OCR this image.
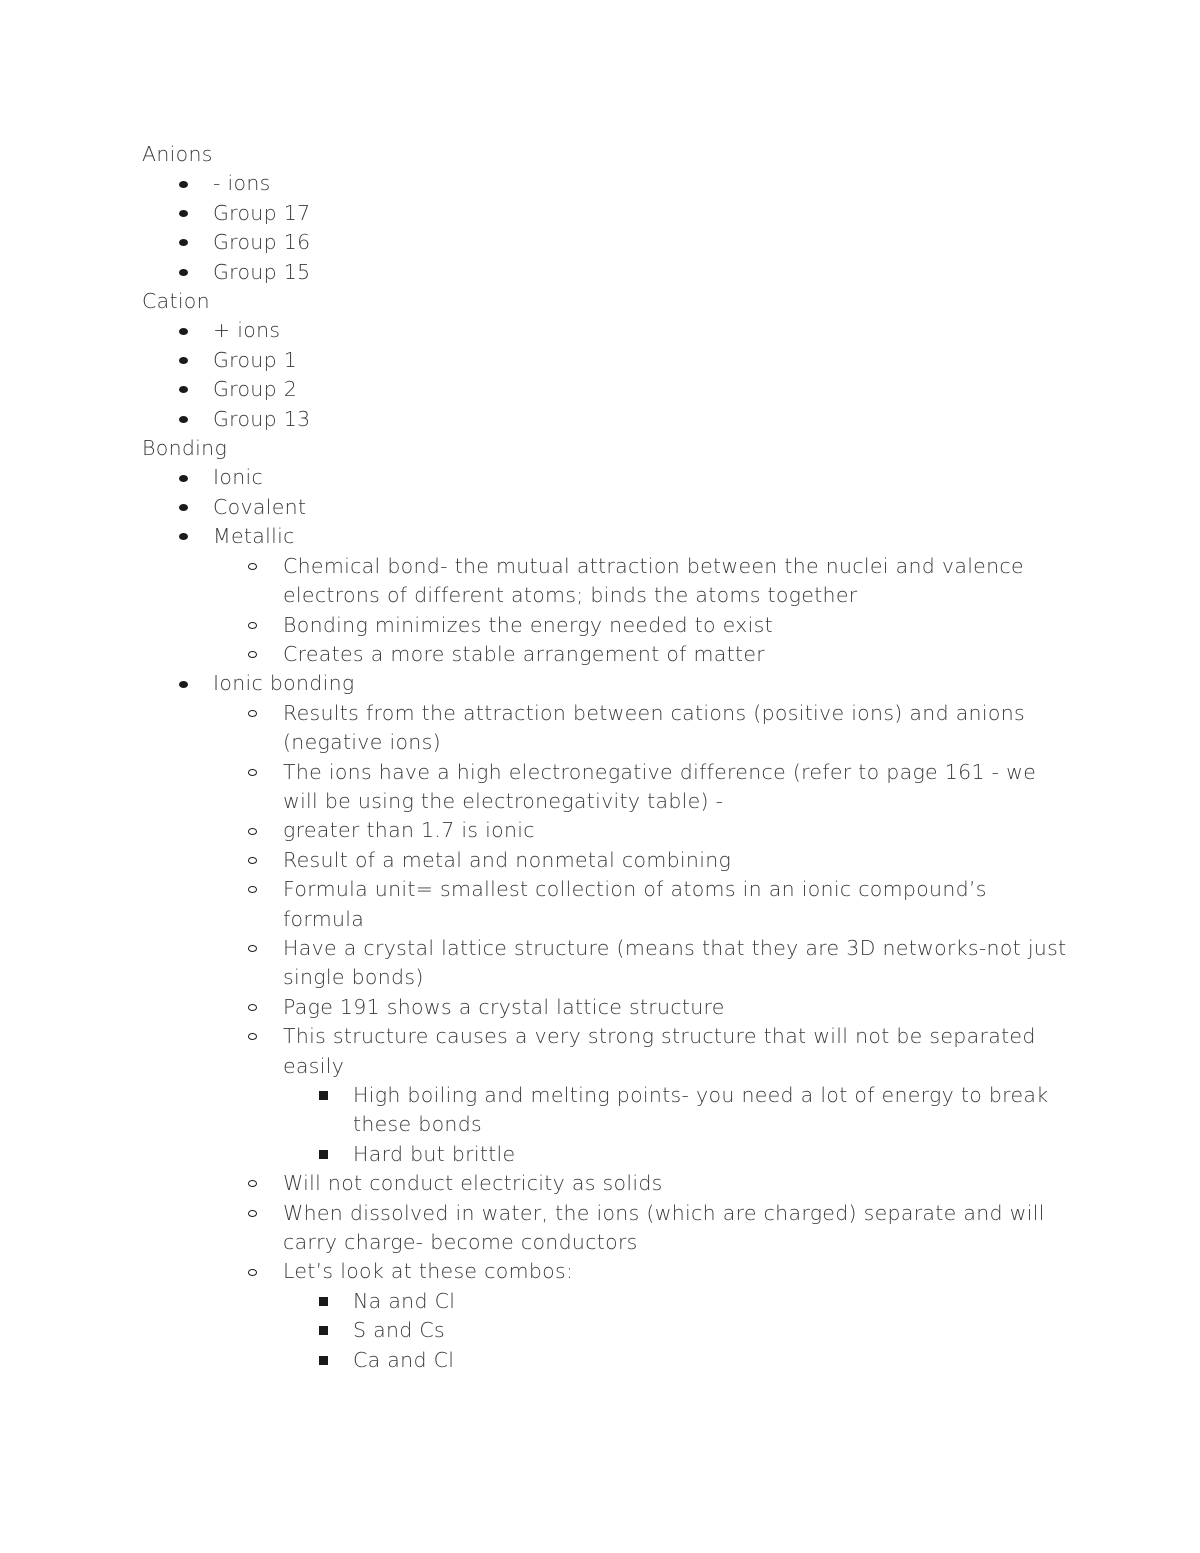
Anions
- ions
Group 17
Group 16
Group 15
Cation
+ ions
Group 1
Group 2
Group 13
Bonding
Ionic
Covalent
Metallic
Chemical bond- the mutual attraction between the nuclei and valence
electrons of different atoms; binds the atoms together
Bonding minimizes the energy needed to exist
Creates a more stable arrangement of matter
Ionic bonding
Results from the attraction between cations (positive ions) and anions
(negative ions)
The ions have a high electronegative difference (refer to page 161 - we
will be using the electronegativity table) -
greater than 1.7 is ionic
Result of a metal and nonmetal combining
Formula unit= smallest collection of atoms in an ionic compound’s
formula
Have a crystal lattice structure (means that they are 3D networks-not just
single bonds)
Page 191 shows a crystal lattice structure
This structure causes a very strong structure that will not be separated
easily
High boiling and melting points- you need a lot of energy to break
these bonds
Hard but brittle
Will not conduct electricity as solids
When dissolved in water, the ions (which are charged) separate and will
carry charge- become conductors
Let’s look at these combos:
Na and Cl
S and Cs
Ca and Cl
